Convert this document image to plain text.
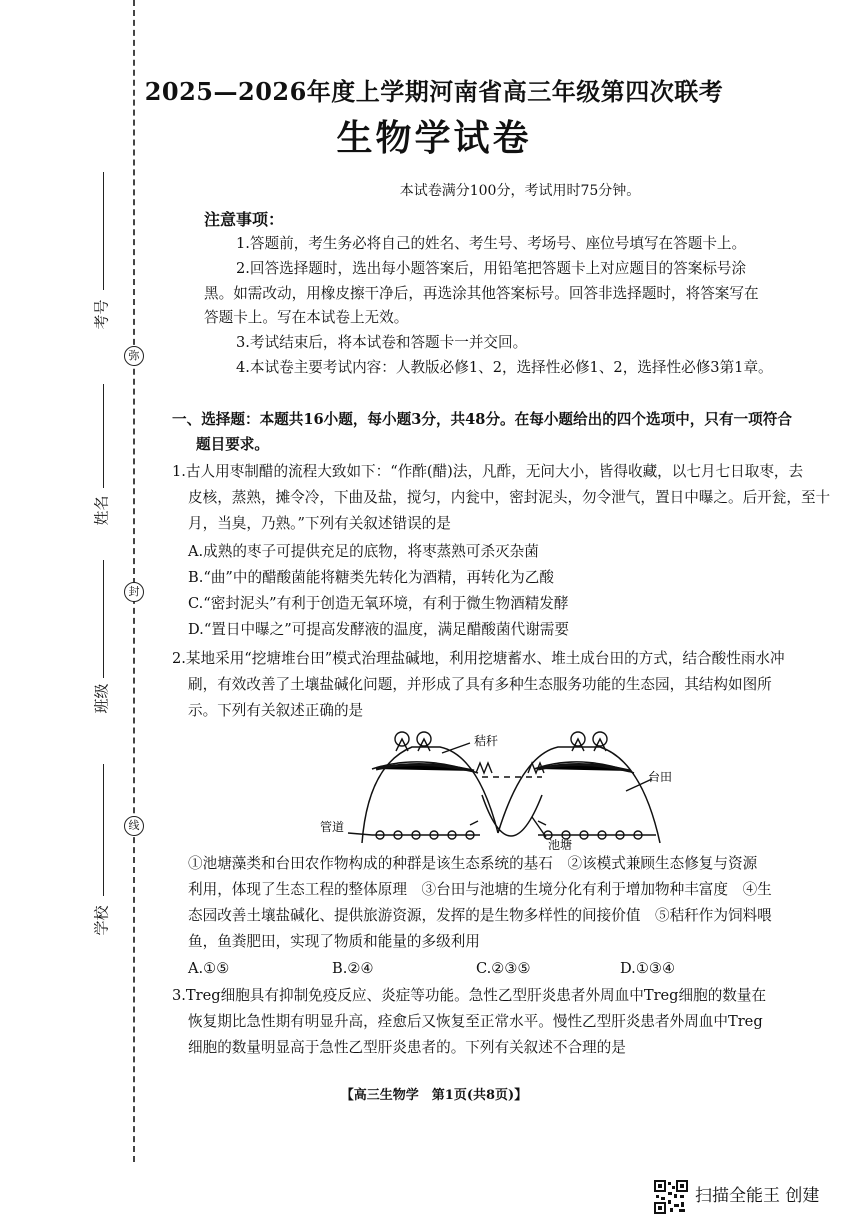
弥
封
线
考号
姓名
班级
学校
2025—2026年度上学期河南省高三年级第四次联考
生物学试卷
本试卷满分100分，考试用时75分钟。
注意事项：
1.答题前，考生务必将自己的姓名、考生号、考场号、座位号填写在答题卡上。
2.回答选择题时，选出每小题答案后，用铅笔把答题卡上对应题目的答案标号涂
黑。如需改动，用橡皮擦干净后，再选涂其他答案标号。回答非选择题时，将答案写在
答题卡上。写在本试卷上无效。
3.考试结束后，将本试卷和答题卡一并交回。
4.本试卷主要考试内容：人教版必修1、2，选择性必修1、2，选择性必修3第1章。
一、选择题：本题共16小题，每小题3分，共48分。在每小题给出的四个选项中，只有一项符合
题目要求。
1.古人用枣制醋的流程大致如下：“作酢(醋)法，凡酢，无问大小，皆得收藏，以七月七日取枣，去
皮核，蒸熟，摊令冷，下曲及盐，搅匀，内瓮中，密封泥头，勿令泄气，置日中曝之。后开瓮，至十
月，当臭，乃熟。”下列有关叙述错误的是
A.成熟的枣子可提供充足的底物，将枣蒸熟可杀灭杂菌
B.“曲”中的醋酸菌能将糖类先转化为酒精，再转化为乙酸
C.“密封泥头”有利于创造无氧环境，有利于微生物酒精发酵
D.“置日中曝之”可提高发酵液的温度，满足醋酸菌代谢需要
2.某地采用“挖塘堆台田”模式治理盐碱地，利用挖塘蓄水、堆土成台田的方式，结合酸性雨水冲
刷，有效改善了土壤盐碱化问题，并形成了具有多种生态服务功能的生态园，其结构如图所
示。下列有关叙述正确的是
秸秆
台田
管道
池塘
①池塘藻类和台田农作物构成的种群是该生态系统的基石　②该模式兼顾生态修复与资源
利用，体现了生态工程的整体原理　③台田与池塘的生境分化有利于增加物种丰富度　④生
态园改善土壤盐碱化、提供旅游资源，发挥的是生物多样性的间接价值　⑤秸秆作为饲料喂
鱼，鱼粪肥田，实现了物质和能量的多级利用
A.①⑤	B.②④	C.②③⑤	D.①③④
3.Treg细胞具有抑制免疫反应、炎症等功能。急性乙型肝炎患者外周血中Treg细胞的数量在
恢复期比急性期有明显升高，痊愈后又恢复至正常水平。慢性乙型肝炎患者外周血中Treg
细胞的数量明显高于急性乙型肝炎患者的。下列有关叙述不合理的是
【高三生物学　第1页(共8页)】
扫描全能王 创建
